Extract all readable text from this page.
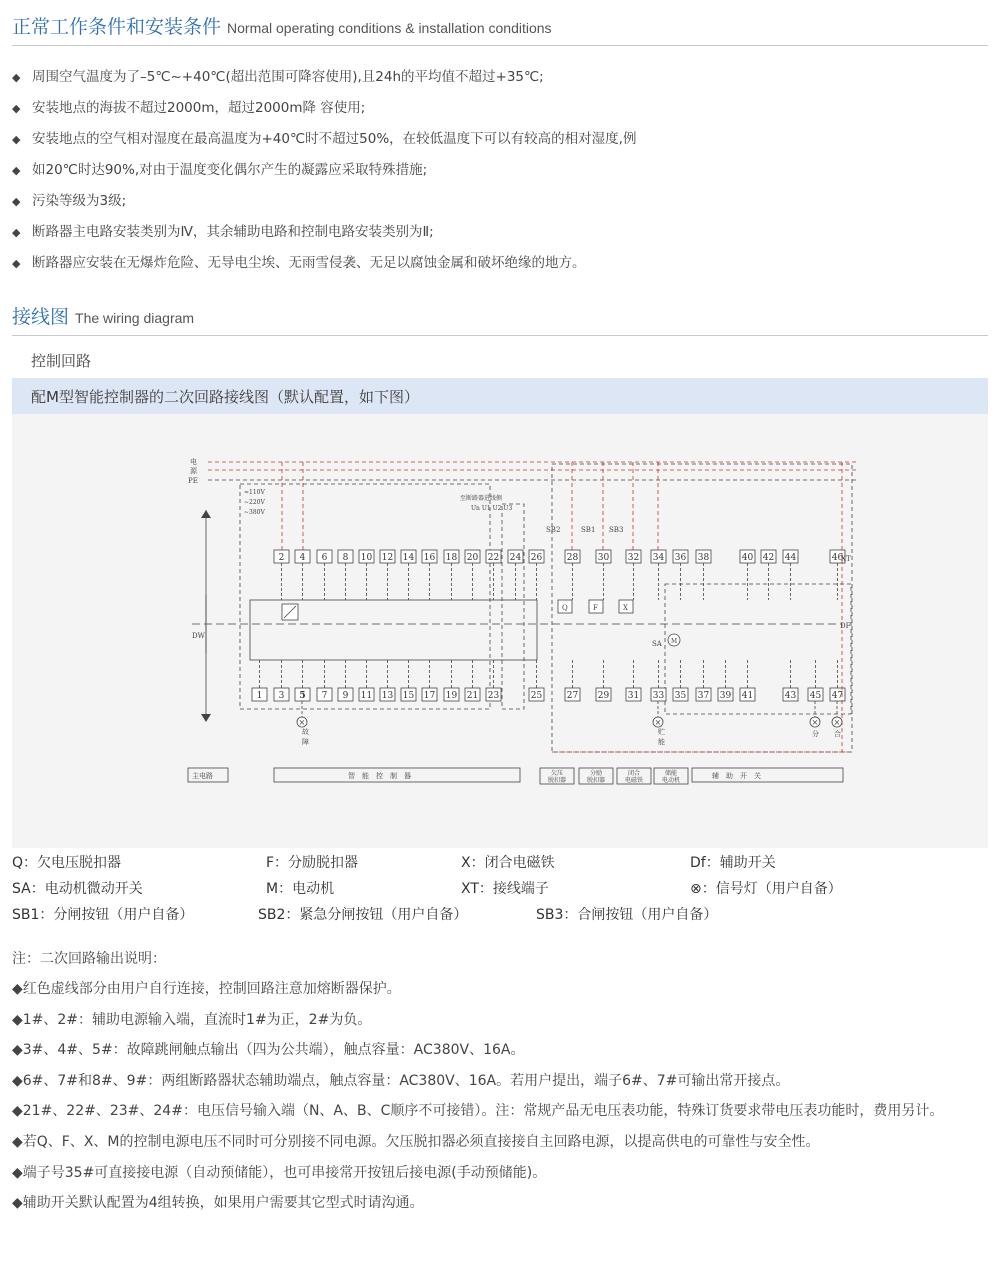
正常工作条件和安装条件 Normal operating conditions & installation conditions
◆ 周围空气温度为了–5℃~+40℃(超出范围可降容使用),且24h的平均值不超过+35℃;
◆ 安装地点的海拔不超过2000m，超过2000m降 容使用;
◆ 安装地点的空气相对湿度在最高温度为+40℃时不超过50%，在较低温度下可以有较高的相对湿度,例
◆ 如20℃时达90%,对由于温度变化偶尔产生的凝露应采取特殊措施;
◆ 污染等级为3级;
◆ 断路器主电路安装类别为Ⅳ，其余辅助电路和控制电路安装类别为Ⅱ;
◆ 断路器应安装在无爆炸危险、无导电尘埃、无雨雪侵袭、无足以腐蚀金属和破坏绝缘的地方。
接线图 The wiring diagram
控制回路
配M型智能控制器的二次回路接线图（默认配置，如下图）
2 4 6 8 10 12 14 16 18 20 22 24 26	28 30 32 34 36 38	40 42 44	46
1 3 5 7 9 11 13 15 17 19 21 23	25	27 29 31 33 35 37 39 41	43 45 47
×	×	× ×
电
源
PE
≈110V
~220V
~380V
至断路器进线侧
Un U1 U2 U3
SB2	SB1 SB3
DW
DF
XT
SA M
Q	F	X
故
障
贮
能
分 合
主电路	智　能　控　制　器	辅　助　开　关
欠压
脱扣器
分励
脱扣器
闭合
电磁铁
储能
电动机
Q：欠电压脱扣器	F：分励脱扣器	X：闭合电磁铁	Df：辅助开关
SA：电动机微动开关	M：电动机	XT：接线端子	⊗：信号灯（用户自备）
SB1：分闸按钮（用户自备）	SB2：紧急分闸按钮（用户自备）	SB3：合闸按钮（用户自备）
注：二次回路输出说明：

◆红色虚线部分由用户自行连接，控制回路注意加熔断器保护。

◆1#、2#：辅助电源输入端，直流时1#为正，2#为负。

◆3#、4#、5#：故障跳闸触点输出（四为公共端），触点容量：AC380V、16A。

◆6#、7#和8#、9#：两组断路器状态辅助端点，触点容量：AC380V、16A。若用户提出，端子6#、7#可输出常开接点。

◆21#、22#、23#、24#：电压信号输入端（N、A、B、C顺序不可接错）。注：常规产品无电压表功能，特殊订货要求带电压表功能时，费用另计。

◆若Q、F、X、M的控制电源电压不同时可分别接不同电源。欠压脱扣器必须直接接自主回路电源，以提高供电的可靠性与安全性。

◆端子号35#可直接接电源（自动预储能），也可串接常开按钮后接电源(手动预储能)。

◆辅助开关默认配置为4组转换，如果用户需要其它型式时请沟通。
